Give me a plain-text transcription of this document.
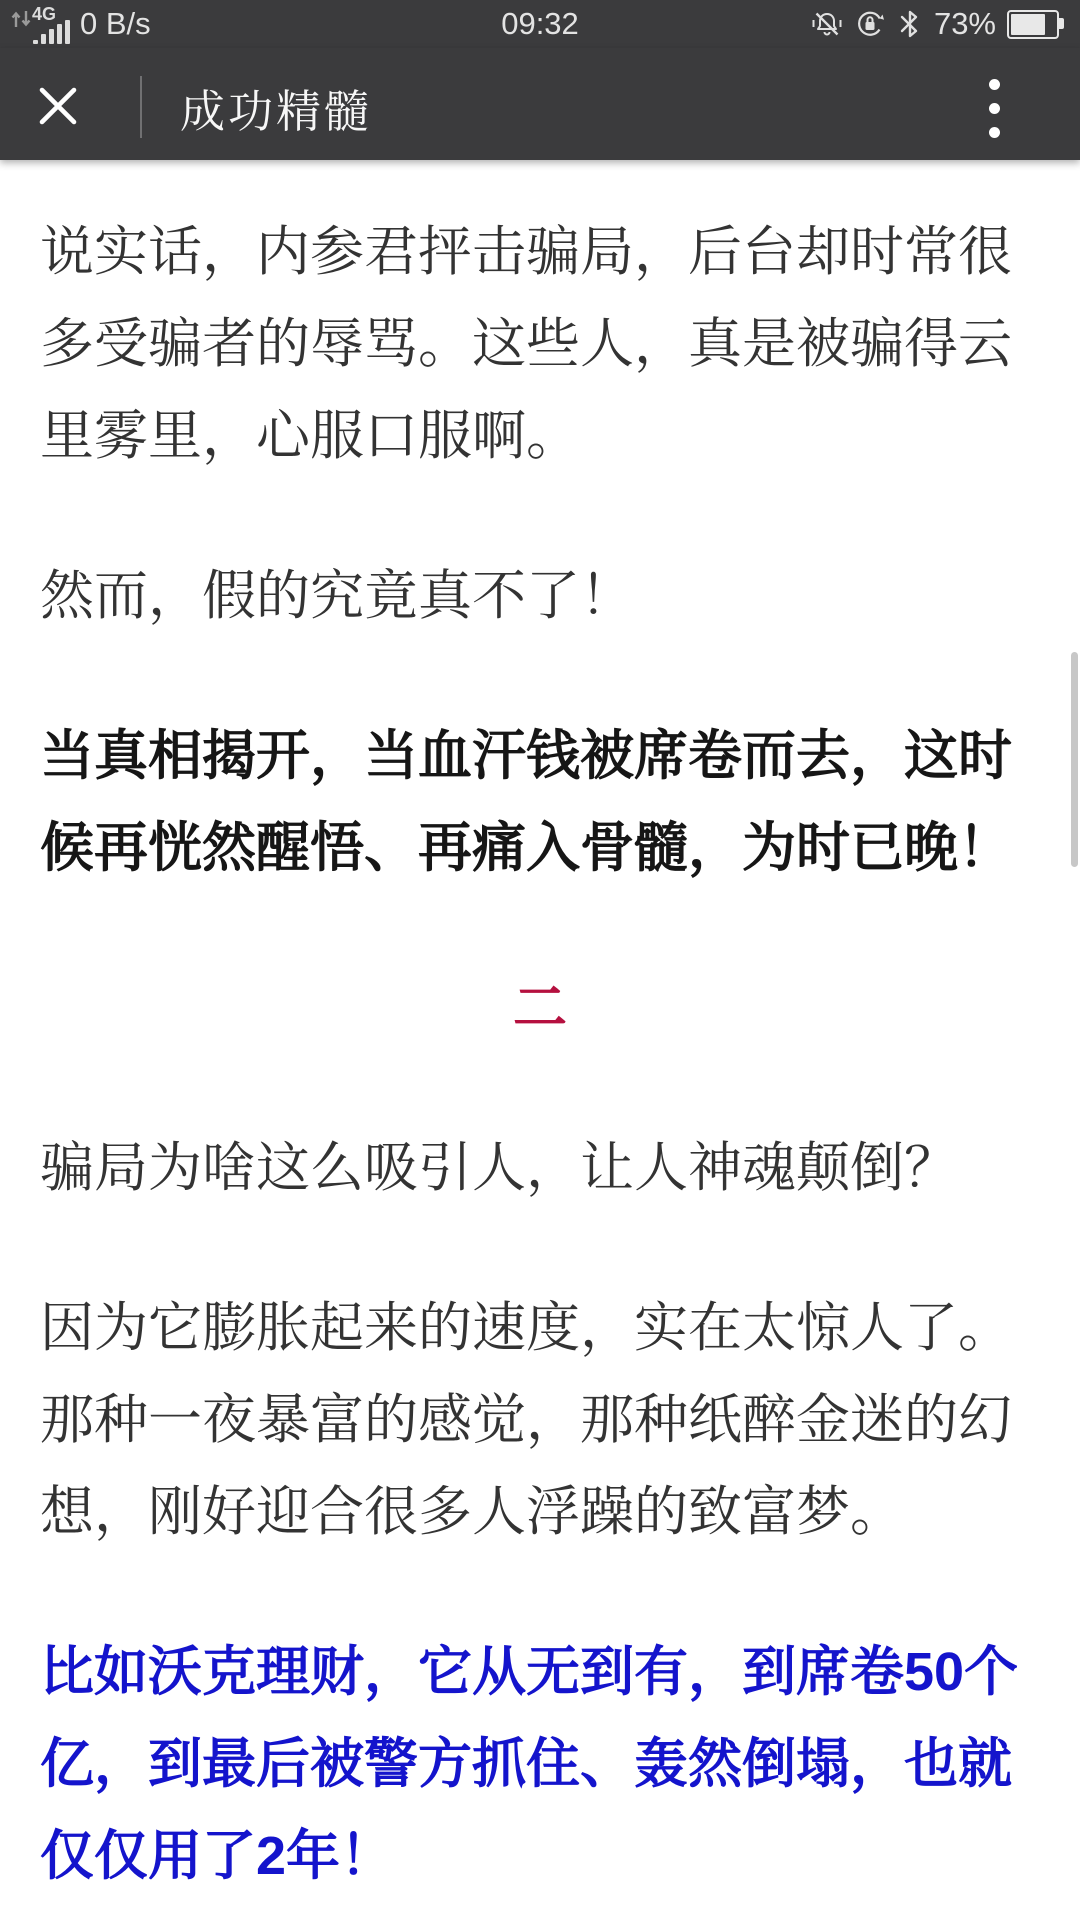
4G 0 B/s	09:32	73%
成功精髓

说实话，内参君抨击骗局，后台却时常很多受骗者的辱骂。这些人，真是被骗得云里雾里，心服口服啊。

然而，假的究竟真不了！

当真相揭开，当血汗钱被席卷而去，这时候再恍然醒悟、再痛入骨髓，为时已晚！

二

骗局为啥这么吸引人，让人神魂颠倒？

因为它膨胀起来的速度，实在太惊人了。那种一夜暴富的感觉，那种纸醉金迷的幻想，刚好迎合很多人浮躁的致富梦。

比如沃克理财，它从无到有，到席卷50个亿，到最后被警方抓住、轰然倒塌，也就仅仅用了2年！
